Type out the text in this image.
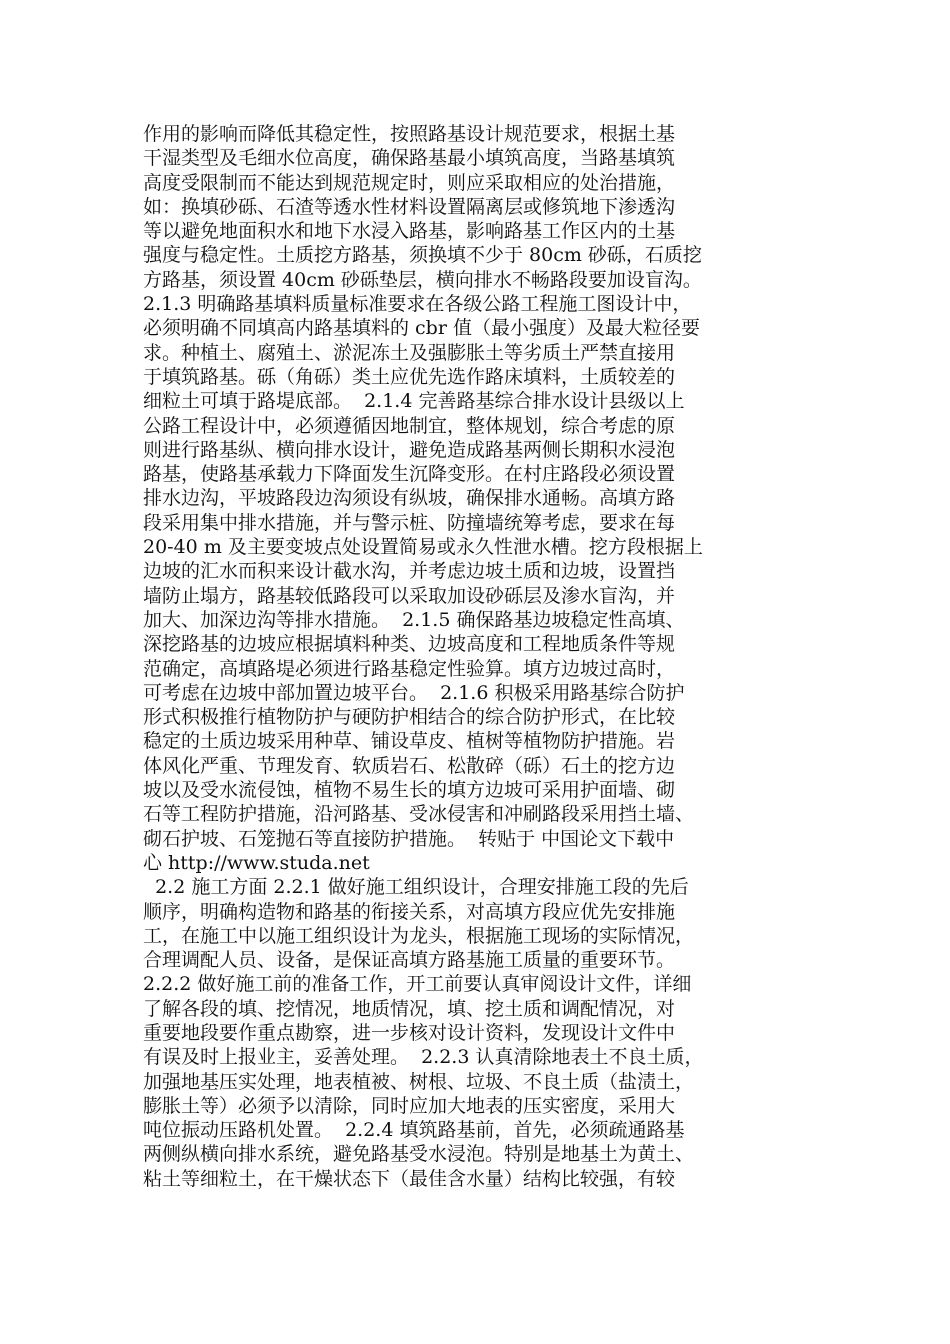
作用的影响而降低其稳定性，按照路基设计规范要求，根据土基
干湿类型及毛细水位高度，确保路基最小填筑高度，当路基填筑
高度受限制而不能达到规范规定时，则应采取相应的处治措施，
如：换填砂砾、石渣等透水性材料设置隔离层或修筑地下渗透沟
等以避免地面积水和地下水浸入路基，影响路基工作区内的土基
强度与稳定性。土质挖方路基，须换填不少于 80cm 砂砾，石质挖
方路基，须设置 40cm 砂砾垫层，横向排水不畅路段要加设盲沟。
2.1.3 明确路基填料质量标准要求在各级公路工程施工图设计中，
必须明确不同填高内路基填料的 cbr 值（最小强度）及最大粒径要
求。种植土、腐殖土、淤泥冻土及强膨胀土等劣质土严禁直接用
于填筑路基。砾（角砾）类土应优先选作路床填料，土质较差的
细粒土可填于路堤底部。  2.1.4 完善路基综合排水设计县级以上
公路工程设计中，必须遵循因地制宜，整体规划，综合考虑的原
则进行路基纵、横向排水设计，避免造成路基两侧长期积水浸泡
路基，使路基承载力下降面发生沉降变形。在村庄路段必须设置
排水边沟，平坡路段边沟须设有纵坡，确保排水通畅。高填方路
段采用集中排水措施，并与警示桩、防撞墙统筹考虑，要求在每
20-40 m 及主要变坡点处设置简易或永久性泄水槽。挖方段根据上
边坡的汇水而积来设计截水沟，并考虑边坡土质和边坡，设置挡
墙防止塌方，路基较低路段可以采取加设砂砾层及渗水盲沟，并
加大、加深边沟等排水措施。  2.1.5 确保路基边坡稳定性高填、
深挖路基的边坡应根据填料种类、边坡高度和工程地质条件等规
范确定，高填路堤必须进行路基稳定性验算。填方边坡过高时，
可考虑在边坡中部加置边坡平台。  2.1.6 积极采用路基综合防护
形式积极推行植物防护与硬防护相结合的综合防护形式，在比较
稳定的土质边坡采用种草、铺设草皮、植树等植物防护措施。岩
体风化严重、节理发育、软质岩石、松散碎（砾）石土的挖方边
坡以及受水流侵蚀，植物不易生长的填方边坡可采用护面墙、砌
石等工程防护措施，沿河路基、受冰侵害和冲刷路段采用挡土墙、
砌石护坡、石笼抛石等直接防护措施。  转贴于 中国论文下载中
心 http://www.studa.net
2.2 施工方面 2.2.1 做好施工组织设计，合理安排施工段的先后
顺序，明确构造物和路基的衔接关系，对高填方段应优先安排施
工，在施工中以施工组织设计为龙头，根据施工现场的实际情况，
合理调配人员、设备，是保证高填方路基施工质量的重要环节。
2.2.2 做好施工前的准备工作，开工前要认真审阅设计文件，详细
了解各段的填、挖情况，地质情况，填、挖土质和调配情况，对
重要地段要作重点勘察，进一步核对设计资料，发现设计文件中
有误及时上报业主，妥善处理。  2.2.3 认真清除地表土不良土质，
加强地基压实处理，地表植被、树根、垃圾、不良土质（盐渍土，
膨胀土等）必须予以清除，同时应加大地表的压实密度，采用大
吨位振动压路机处置。  2.2.4 填筑路基前，首先，必须疏通路基
两侧纵横向排水系统，避免路基受水浸泡。特别是地基土为黄土、
粘土等细粒土，在干燥状态下（最佳含水量）结构比较强，有较
